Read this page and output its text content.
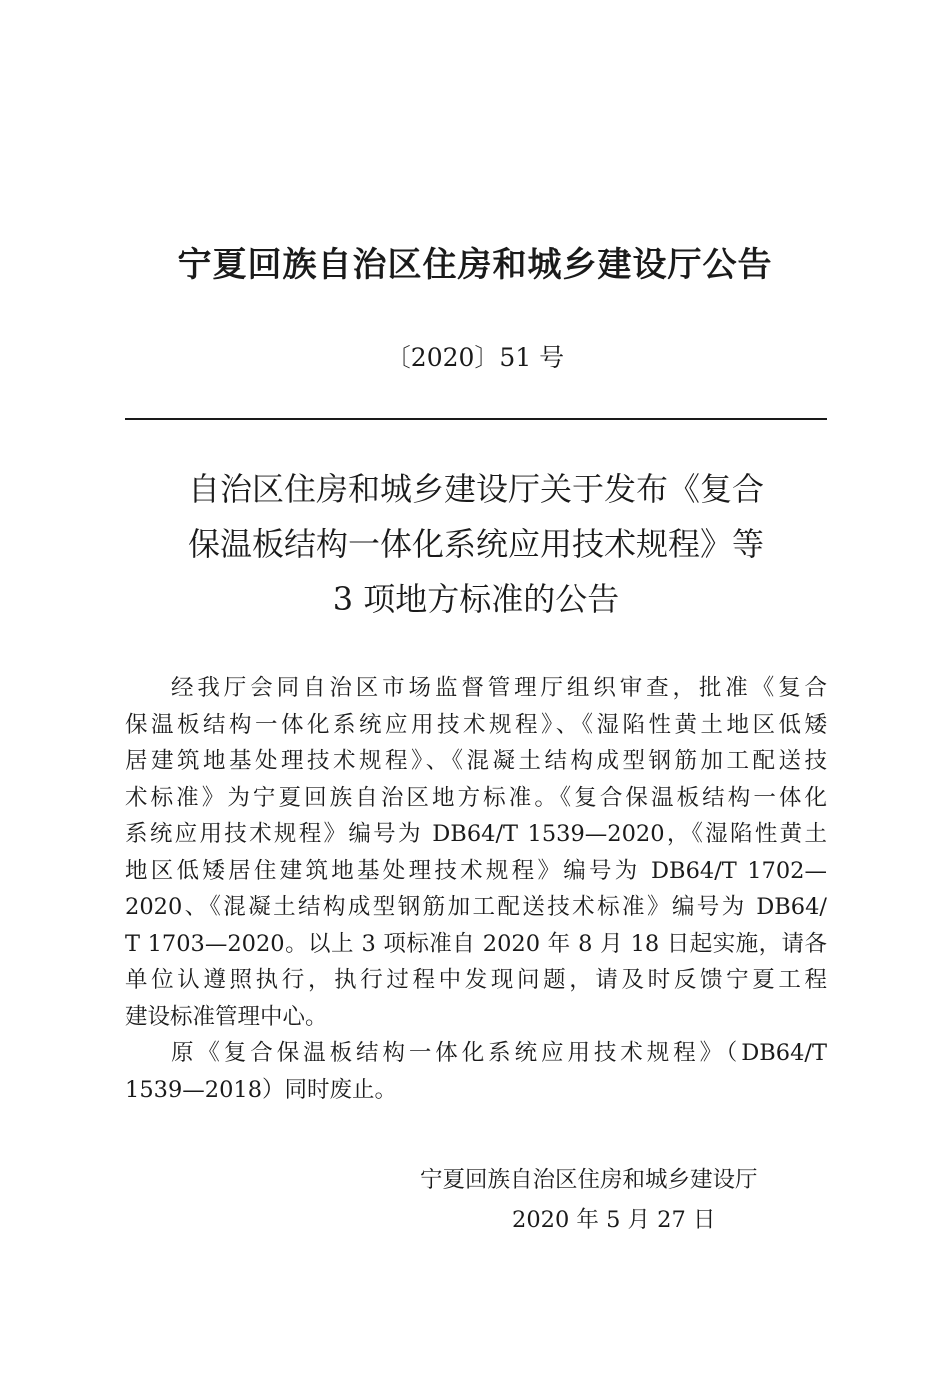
宁夏回族自治区住房和城乡建设厅公告
〔2020〕51 号
自治区住房和城乡建设厅关于发布《复合
保温板结构一体化系统应用技术规程》等
3 项地方标准的公告
经我厅会同自治区市场监督管理厅组织审查，批准《复合
保温板结构一体化系统应用技术规程》、《湿陷性黄土地区低矮
居建筑地基处理技术规程》、《混凝土结构成型钢筋加工配送技
术标准》为宁夏回族自治区地方标准。《复合保温板结构一体化
系统应用技术规程》编号为 DB64/T 1539—2020，《湿陷性黄土
地区低矮居住建筑地基处理技术规程》编号为 DB64/T 1702—
2020、《混凝土结构成型钢筋加工配送技术标准》编号为 DB64/
T 1703—2020。以上 3 项标准自 2020 年 8 月 18 日起实施，请各
单位认遵照执行，执行过程中发现问题，请及时反馈宁夏工程
建设标准管理中心。
原《复合保温板结构一体化系统应用技术规程》（DB64/T
1539—2018）同时废止。
宁夏回族自治区住房和城乡建设厅
2020 年 5 月 27 日
